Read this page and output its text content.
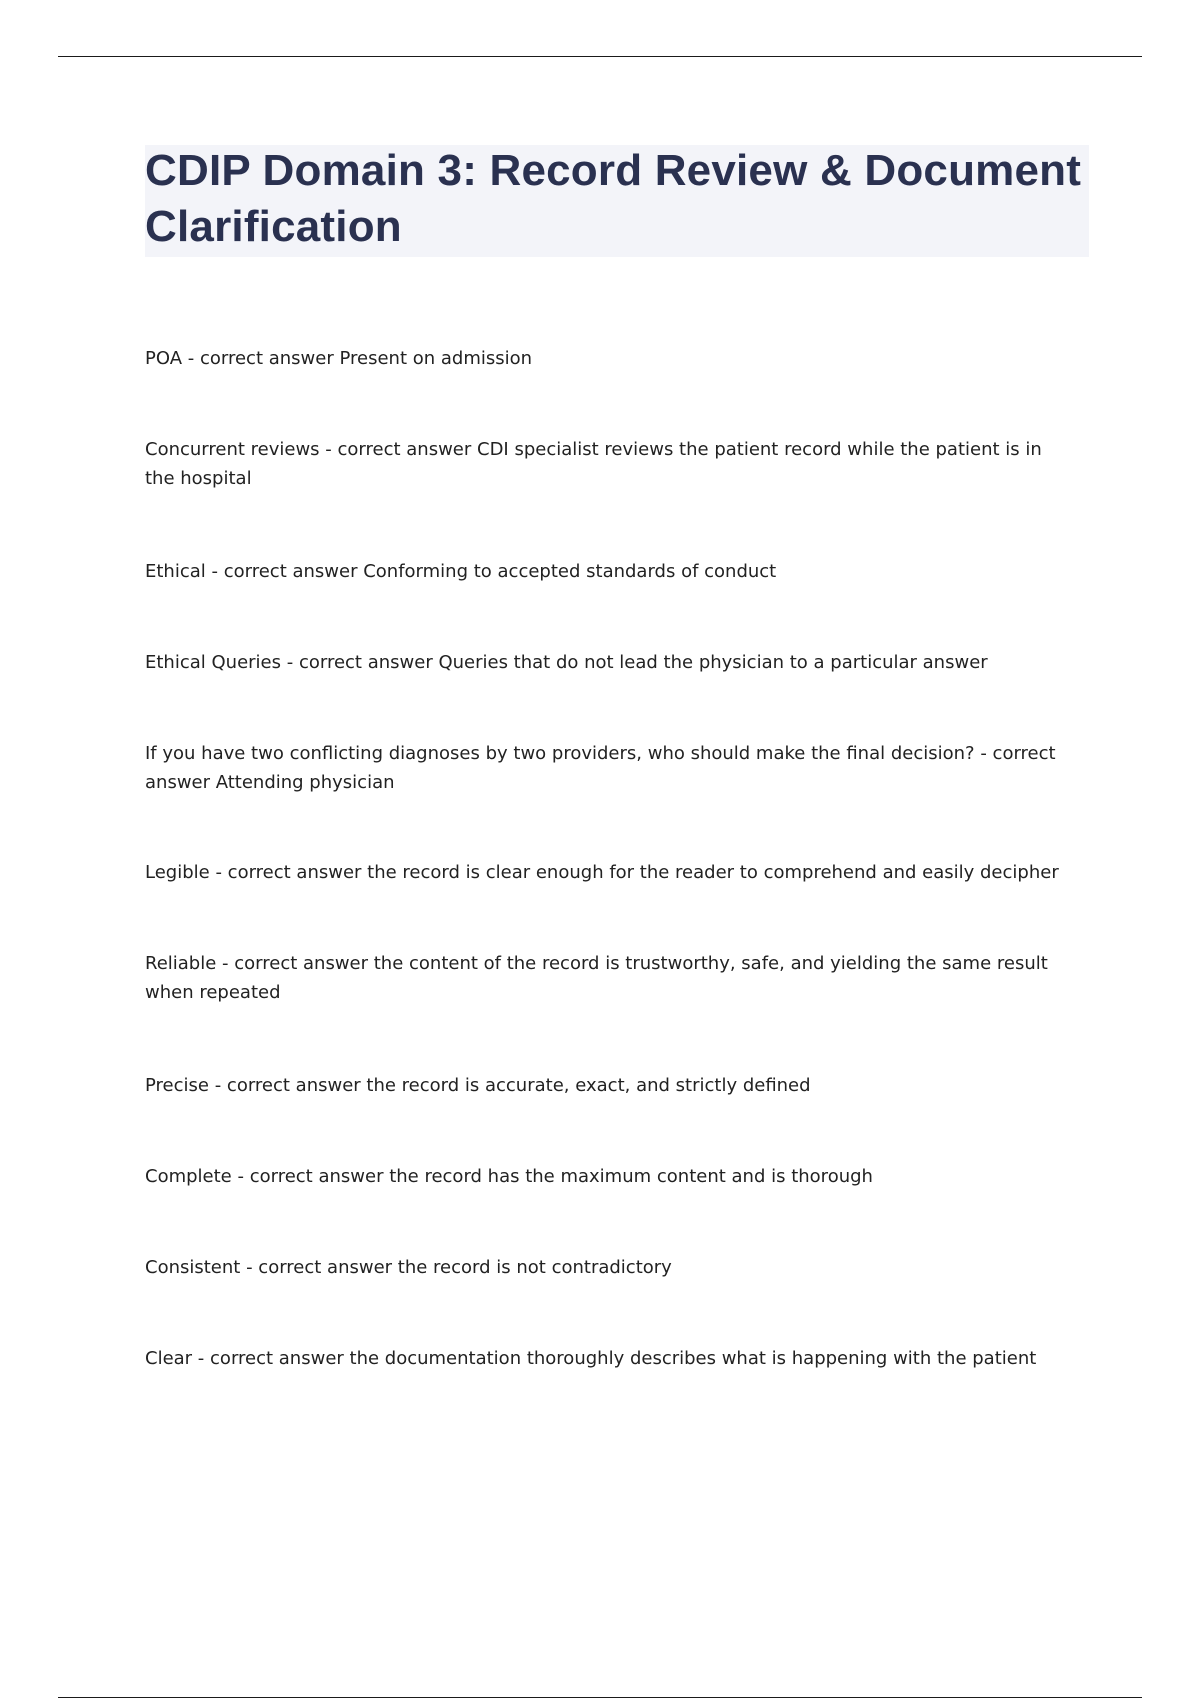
CDIP Domain 3: Record Review & Document Clarification

POA - correct answer Present on admission

Concurrent reviews - correct answer CDI specialist reviews the patient record while the patient is in the hospital

Ethical - correct answer Conforming to accepted standards of conduct

Ethical Queries - correct answer Queries that do not lead the physician to a particular answer

If you have two conflicting diagnoses by two providers, who should make the final decision? - correct answer Attending physician

Legible - correct answer the record is clear enough for the reader to comprehend and easily decipher

Reliable - correct answer the content of the record is trustworthy, safe, and yielding the same result when repeated

Precise - correct answer the record is accurate, exact, and strictly defined

Complete - correct answer the record has the maximum content and is thorough

Consistent - correct answer the record is not contradictory

Clear - correct answer the documentation thoroughly describes what is happening with the patient
